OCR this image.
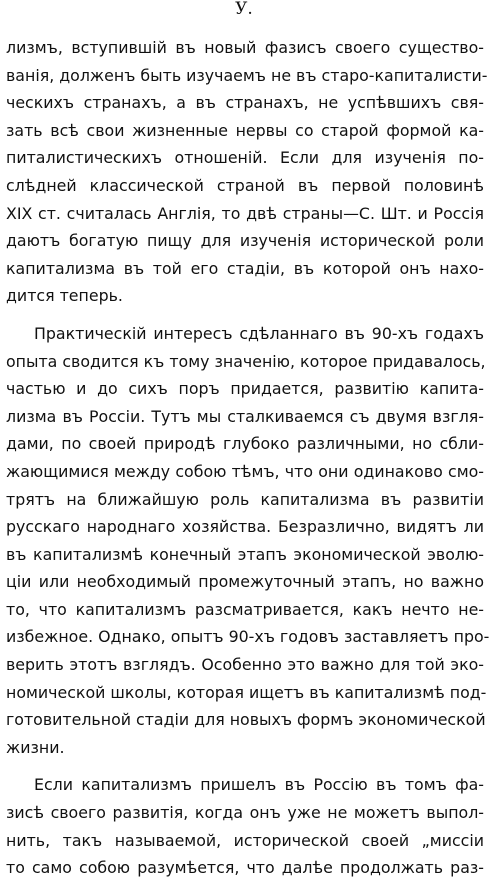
У.
лизмъ, вступившiй въ новый фазисъ своего существо-
ванiя, долженъ быть изучаемъ не въ старо-капиталисти-
ческихъ странахъ, а въ странахъ, не успѣвшихъ свя-
зать всѣ свои жизненные нервы со старой формой ка-
питалистическихъ отношенiй. Если для изученiя по-
слѣдней классической страной въ первой половинѣ
XIX ст. считалась Англiя, то двѣ страны—С. Шт. и Россiя
даютъ богатую пищу для изученiя исторической роли
капитализма въ той его стадiи, въ которой онъ нахо-
дится теперь.
Практическiй интересъ сдѣланнаго въ 90-хъ годахъ
опыта сводится къ тому значенiю, которое придавалось,
частью и до сихъ поръ придается, развитiю капита-
лизма въ Россiи. Тутъ мы сталкиваемся съ двумя взгля-
дами, по своей природѣ глубоко различными, но сбли-
жающимися между собою тѣмъ, что они одинаково смо-
трятъ на ближайшую роль капитализма въ развитiи
русскаго народнаго хозяйства. Безразлично, видятъ ли
въ капитализмѣ конечный этапъ экономической эволю-
цiи или необходимый промежуточный этапъ, но важно
то, что капитализмъ разсматривается, какъ нечто не-
избежное. Однако, опытъ 90-хъ годовъ заставляетъ про-
верить этотъ взглядъ. Особенно это важно для той эко-
номической школы, которая ищетъ въ капитализмѣ под-
готовительной стадiи для новыхъ формъ экономической
жизни.
Если капитализмъ пришелъ въ Россiю въ томъ фа-
зисѣ своего развитiя, когда онъ уже не можетъ выпол-
нить, такъ называемой, исторической своей „миссiи
то само собою разумѣется, что далѣе продолжать раз-
